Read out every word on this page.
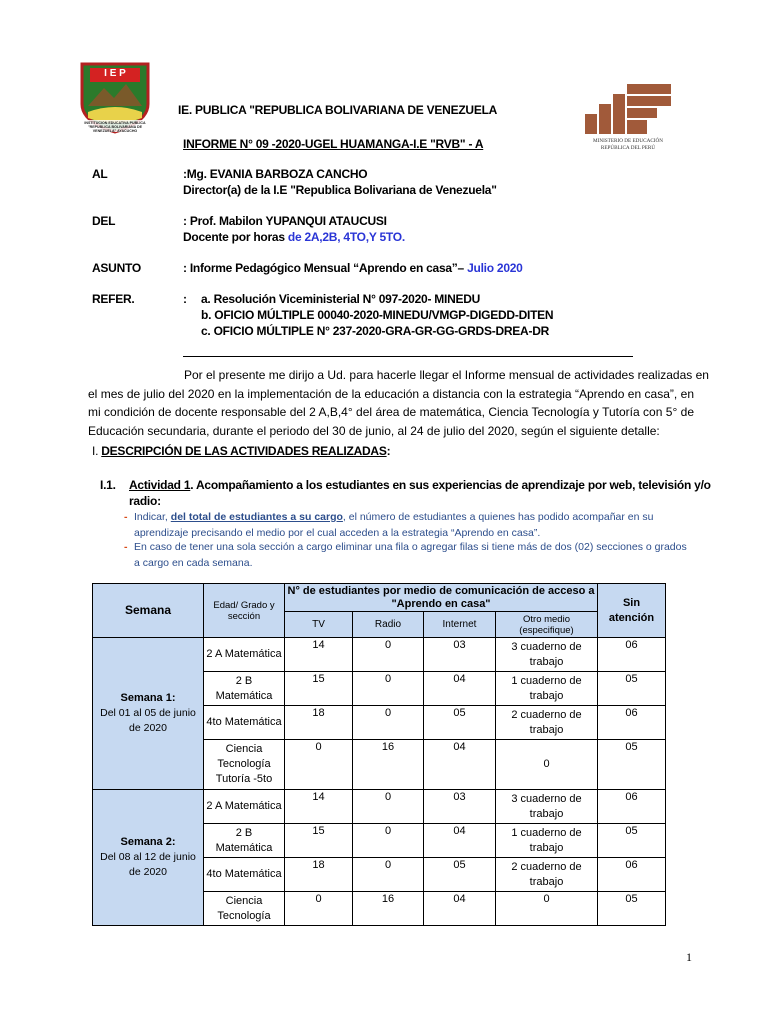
I E P
INSTITUCION EDUCATIVA PUBLICA "REPUBLICA BOLIVARIANA DE VENEZUELA" AYACUCHO
MINISTERIO DE EDUCACIÓN
REPÚBLICA DEL PERÚ
IE. PUBLICA "REPUBLICA BOLIVARIANA DE VENEZUELA
INFORME N° 09 -2020-UGEL HUAMANGA-I.E "RVB" - A
AL	:Mg. EVANIA BARBOZA CANCHO
Director(a) de la I.E "Republica Bolivariana de Venezuela"
DEL	: Prof. Mabilon YUPANQUI ATAUCUSI
Docente por horas de 2A,2B, 4TO,Y 5TO.
ASUNTO	: Informe Pedagógico Mensual “Aprendo en casa”– Julio 2020
REFER.	: a. Resolución Viceministerial N° 097-2020- MINEDU
b. OFICIO MÚLTIPLE 00040-2020-MINEDU/VMGP-DIGEDD-DITEN
c. OFICIO MÚLTIPLE N° 237-2020-GRA-GR-GG-GRDS-DREA-DR
Por el presente me dirijo a Ud. para hacerle llegar el Informe mensual de actividades realizadas en
el mes de julio del 2020 en la implementación de la educación a distancia con la estrategia “Aprendo en casa”, en mi condición de docente responsable del 2 A,B,4° del área de matemática, Ciencia Tecnología y Tutoría con 5° de Educación secundaria, durante el periodo del 30 de junio, al 24 de julio del 2020, según el siguiente detalle:
I. DESCRIPCIÓN DE LAS ACTIVIDADES REALIZADAS:
I.1. Actividad 1. Acompañamiento a los estudiantes en sus experiencias de aprendizaje por web, televisión y/o
radio:
- Indicar, del total de estudiantes a su cargo, el número de estudiantes a quienes has podido acompañar en su aprendizaje precisando el medio por el cual acceden a la estrategia “Aprendo en casa”.
- En caso de tener una sola sección a cargo eliminar una fila o agregar filas si tiene más de dos (02) secciones o grados a cargo en cada semana.
Semana	Edad/ Grado y sección	N° de estudiantes por medio de comunicación de acceso a "Aprendo en casa"				Sin atención
		TV	Radio	Internet	Otro medio (especifique)	

Semana 1:
Del 01 al 05 de junio de 2020	2 A Matemática	14	0	03	3 cuaderno de trabajo	06
	2 B Matemática	15	0	04	1 cuaderno de trabajo	05
	4to Matemática	18	0	05	2 cuaderno de trabajo	06
	Ciencia Tecnología Tutoría -5to	0	16	04	0	05

Semana 2:
Del 08 al 12 de junio de 2020	2 A Matemática	14	0	03	3 cuaderno de trabajo	06
	2 B Matemática	15	0	04	1 cuaderno de trabajo	05
	4to Matemática	18	0	05	2 cuaderno de trabajo	06
	Ciencia Tecnología	0	16	04	0	05
1
